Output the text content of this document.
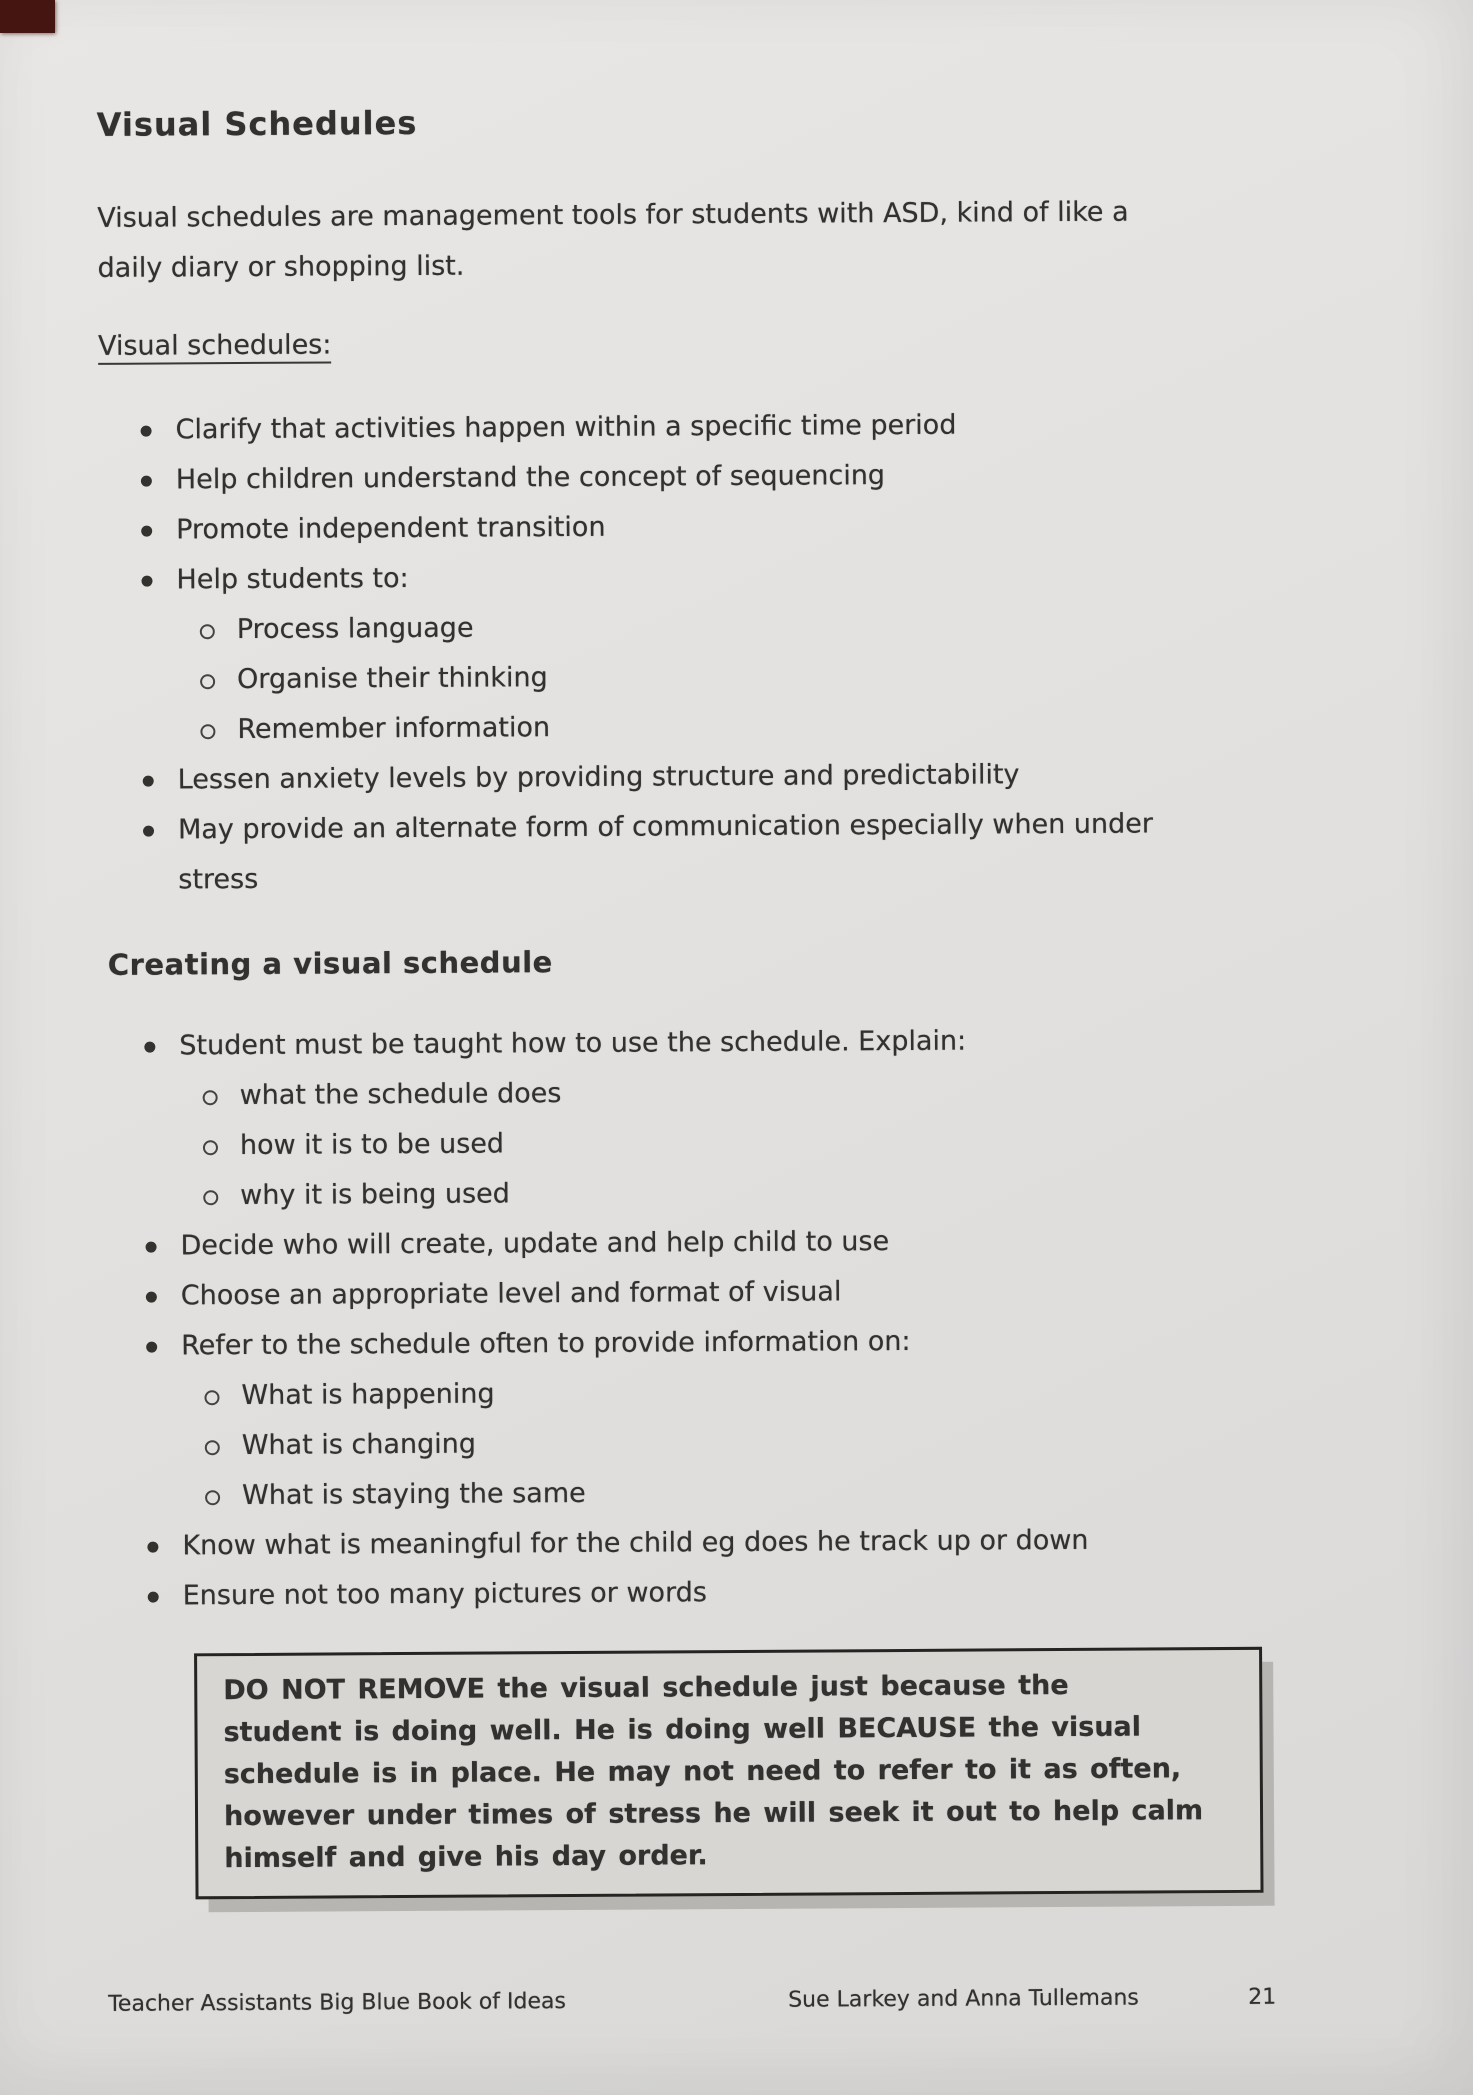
Visual Schedules
Visual schedules are management tools for students with ASD, kind of like a
daily diary or shopping list.
Visual schedules:
Clarify that activities happen within a specific time period
Help children understand the concept of sequencing
Promote independent transition
Help students to:
Process language
Organise their thinking
Remember information
Lessen anxiety levels by providing structure and predictability
May provide an alternate form of communication especially when under
stress
Creating a visual schedule
Student must be taught how to use the schedule. Explain:
what the schedule does
how it is to be used
why it is being used
Decide who will create, update and help child to use
Choose an appropriate level and format of visual
Refer to the schedule often to provide information on:
What is happening
What is changing
What is staying the same
Know what is meaningful for the child eg does he track up or down
Ensure not too many pictures or words
DO NOT REMOVE the visual schedule just because the
student is doing well. He is doing well BECAUSE the visual
schedule is in place. He may not need to refer to it as often,
however under times of stress he will seek it out to help calm
himself and give his day order.
Teacher Assistants Big Blue Book of Ideas	Sue Larkey and Anna Tullemans	21
